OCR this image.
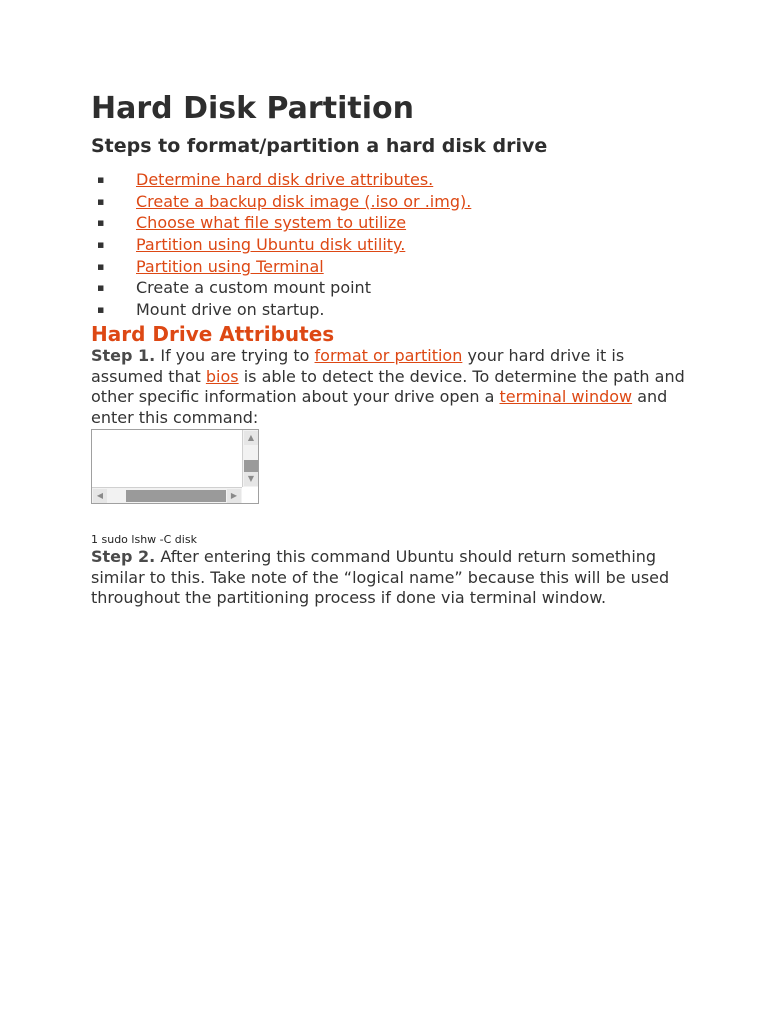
Hard Disk Partition
Steps to format/partition a hard disk drive
▪ Determine hard disk drive attributes.
▪ Create a backup disk image (.iso or .img).
▪ Choose what file system to utilize
▪ Partition using Ubuntu disk utility.
▪ Partition using Terminal
▪ Create a custom mount point
▪ Mount drive on startup.
Hard Drive Attributes

Step 1. If you are trying to format or partition your hard drive it is assumed that bios is able to detect the device. To determine the path and other specific information about your drive open a terminal window and enter this command:

▲
▼
◀	▶

1 sudo lshw -C disk

Step 2. After entering this command Ubuntu should return something similar to this. Take note of the “logical name” because this will be used throughout the partitioning process if done via terminal window.
